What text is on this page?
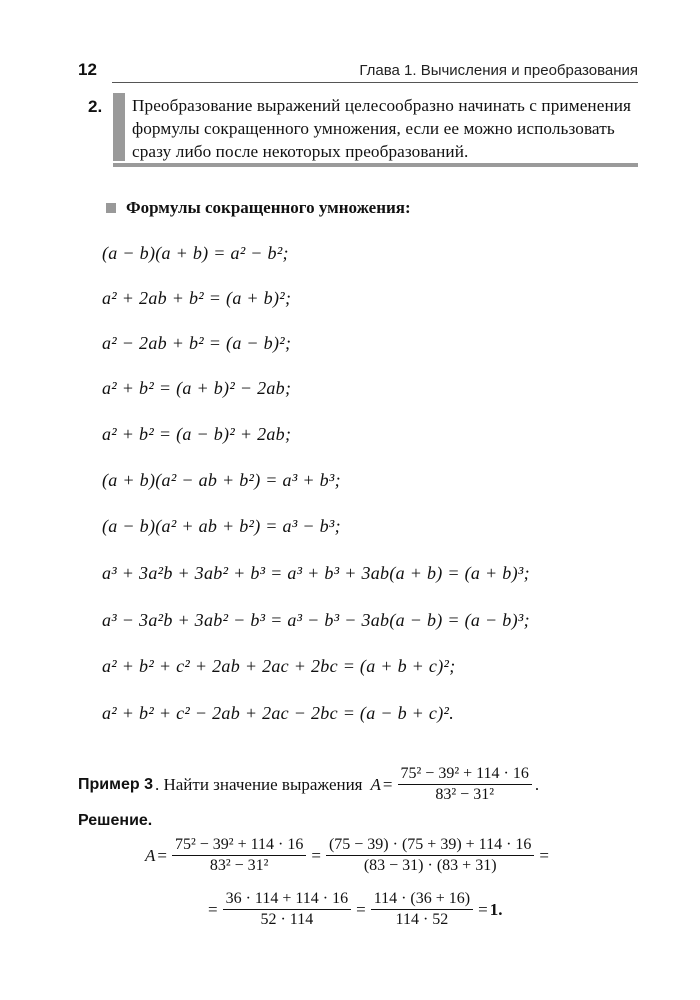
12	Глава 1. Вычисления и преобразования
2. Преобразование выражений целесообразно начинать с применения формулы сокращенного умножения, если ее можно использовать сразу либо после некоторых преобразований.

Формулы сокращенного умножения:
(a − b)(a + b) = a² − b²;
a² + 2ab + b² = (a + b)²;
a² − 2ab + b² = (a − b)²;
a² + b² = (a + b)² − 2ab;
a² + b² = (a − b)² + 2ab;
(a + b)(a² − ab + b²) = a³ + b³;
(a − b)(a² + ab + b²) = a³ − b³;
a³ + 3a²b + 3ab² + b³ = a³ + b³ + 3ab(a + b) = (a + b)³;
a³ − 3a²b + 3ab² − b³ = a³ − b³ − 3ab(a − b) = (a − b)³;
a² + b² + c² + 2ab + 2ac + 2bc = (a + b + c)²;
a² + b² + c² − 2ab + 2ac − 2bc = (a − b + c)².
Пример 3 . Найти значение выражения $A = \frac{\text{75² − 39² + 114 · 16}}{\text{83² − 31²}}$ .
Решение.
$A = \frac{\text{75² − 39² + 114 · 16}}{\text{83² − 31²}} = \frac{(75 - 39) \cdot (75 + 39) + 114 \cdot 16}{(83 - 31) \cdot (83 + 31)}$ =
= $\frac{36 \cdot 114 + 114 \cdot 16}{52 \cdot 114} = \frac{114 \cdot (36 + 16)}{114 \cdot 52} = 1$.
